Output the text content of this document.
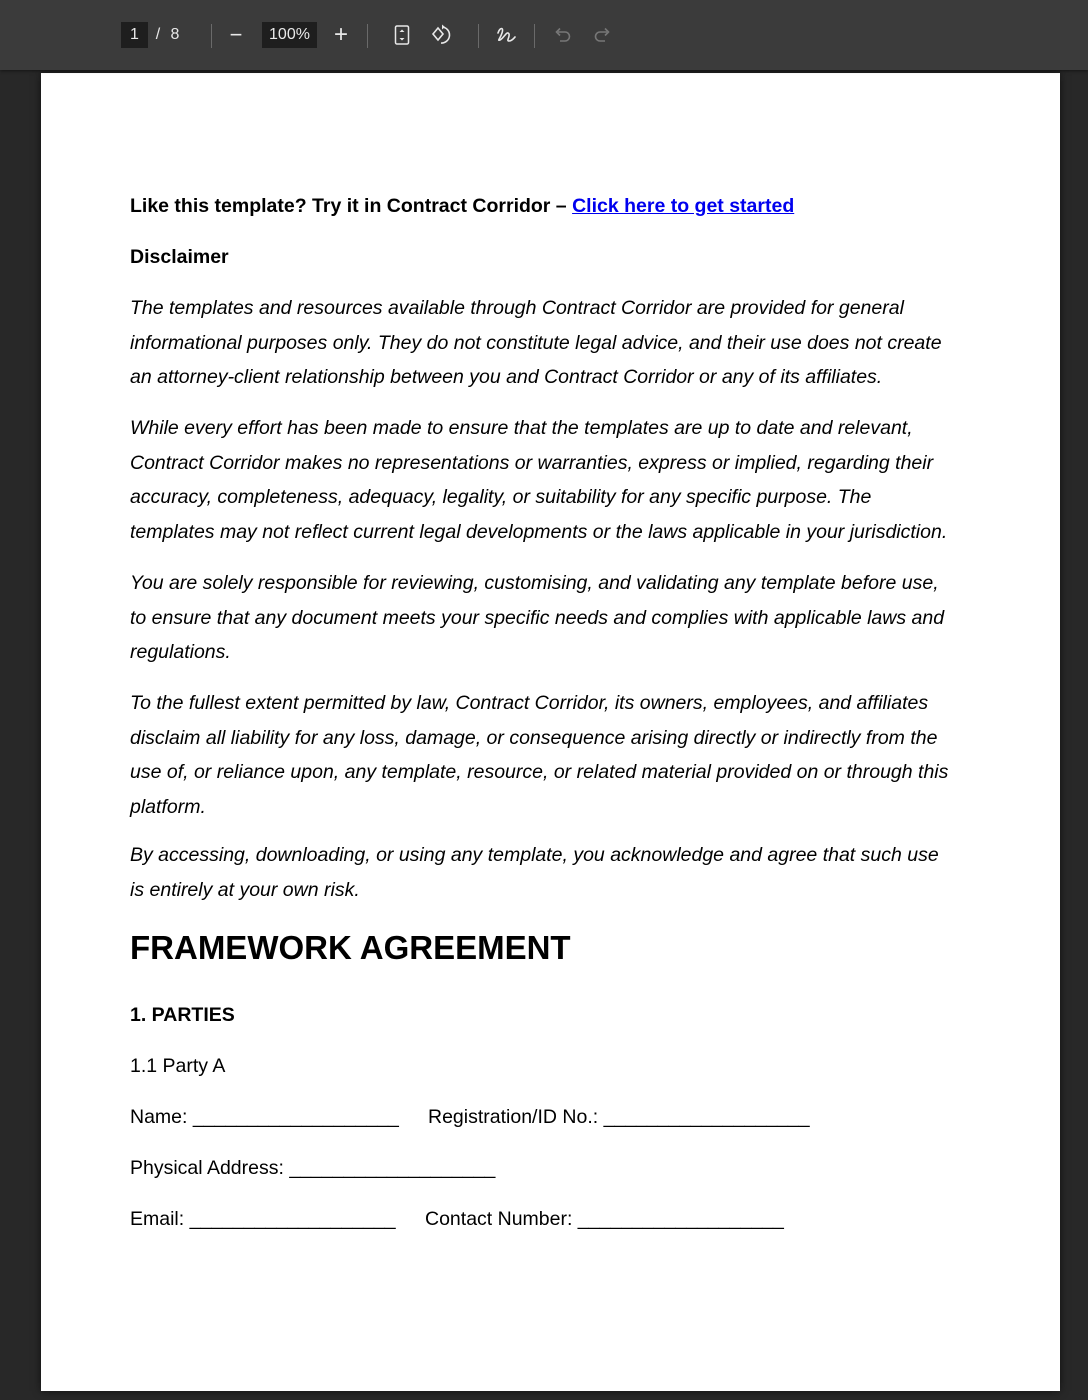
1	/ 8	−	100% +
Like this template? Try it in Contract Corridor – Click here to get started
Disclaimer
The templates and resources available through Contract Corridor are provided for general
informational purposes only. They do not constitute legal advice, and their use does not create
an attorney-client relationship between you and Contract Corridor or any of its affiliates.
While every effort has been made to ensure that the templates are up to date and relevant,
Contract Corridor makes no representations or warranties, express or implied, regarding their
accuracy, completeness, adequacy, legality, or suitability for any specific purpose. The
templates may not reflect current legal developments or the laws applicable in your jurisdiction.
You are solely responsible for reviewing, customising, and validating any template before use,
to ensure that any document meets your specific needs and complies with applicable laws and
regulations.
To the fullest extent permitted by law, Contract Corridor, its owners, employees, and affiliates
disclaim all liability for any loss, damage, or consequence arising directly or indirectly from the
use of, or reliance upon, any template, resource, or related material provided on or through this
platform.
By accessing, downloading, or using any template, you acknowledge and agree that such use
is entirely at your own risk.
FRAMEWORK AGREEMENT
1. PARTIES
1.1 Party A
Name: ___________________ Registration/ID No.: ___________________
Physical Address: ___________________
Email: ___________________ Contact Number: ___________________
